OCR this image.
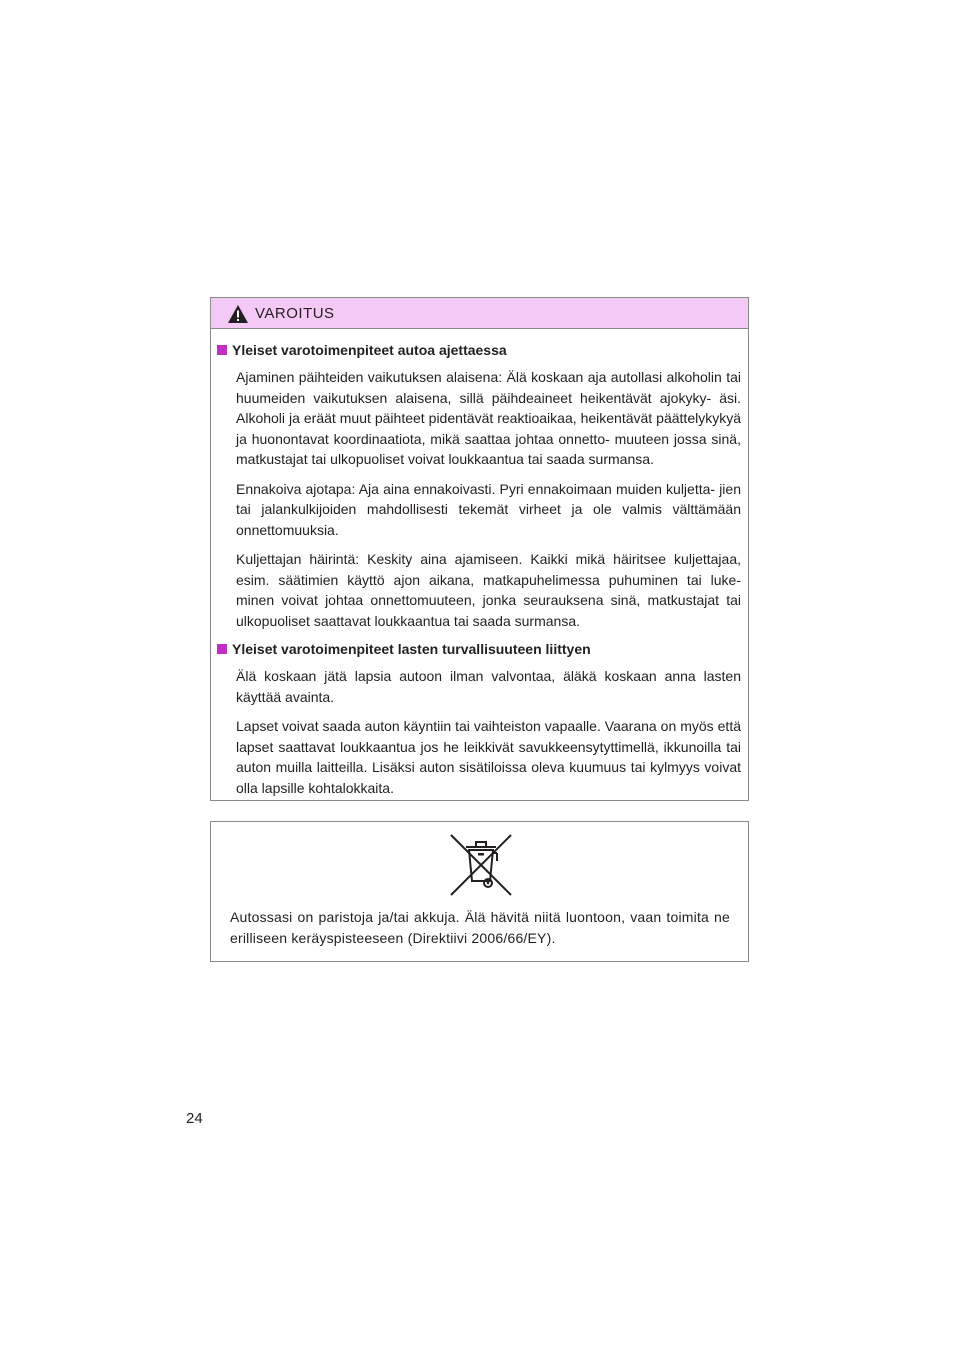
VAROITUS
Yleiset varotoimenpiteet autoa ajettaessa

Ajaminen päihteiden vaikutuksen alaisena: Älä koskaan aja autollasi alkoholin tai huumeiden vaikutuksen alaisena, sillä päihdeaineet heikentävät ajokyky- äsi. Alkoholi ja eräät muut päihteet pidentävät reaktioaikaa, heikentävät päättelykykyä ja huonontavat koordinaatiota, mikä saattaa johtaa onnetto- muuteen jossa sinä, matkustajat tai ulkopuoliset voivat loukkaantua tai saada surmansa.

Ennakoiva ajotapa: Aja aina ennakoivasti. Pyri ennakoimaan muiden kuljetta- jien tai jalankulkijoiden mahdollisesti tekemät virheet ja ole valmis välttämään onnettomuuksia.

Kuljettajan häirintä: Keskity aina ajamiseen. Kaikki mikä häiritsee kuljettajaa, esim. säätimien käyttö ajon aikana, matkapuhelimessa puhuminen tai luke- minen voivat johtaa onnettomuuteen, jonka seurauksena sinä, matkustajat tai ulkopuoliset saattavat loukkaantua tai saada surmansa.

Yleiset varotoimenpiteet lasten turvallisuuteen liittyen

Älä koskaan jätä lapsia autoon ilman valvontaa, äläkä koskaan anna lasten käyttää avainta.

Lapset voivat saada auton käyntiin tai vaihteiston vapaalle. Vaarana on myös että lapset saattavat loukkaantua jos he leikkivät savukkeensytyttimellä, ikkunoilla tai auton muilla laitteilla. Lisäksi auton sisätiloissa oleva kuumuus tai kylmyys voivat olla lapsille kohtalokkaita.

Autossasi on paristoja ja/tai akkuja. Älä hävitä niitä luontoon, vaan toimita ne erilliseen keräyspisteeseen (Direktiivi 2006/66/EY).
24
